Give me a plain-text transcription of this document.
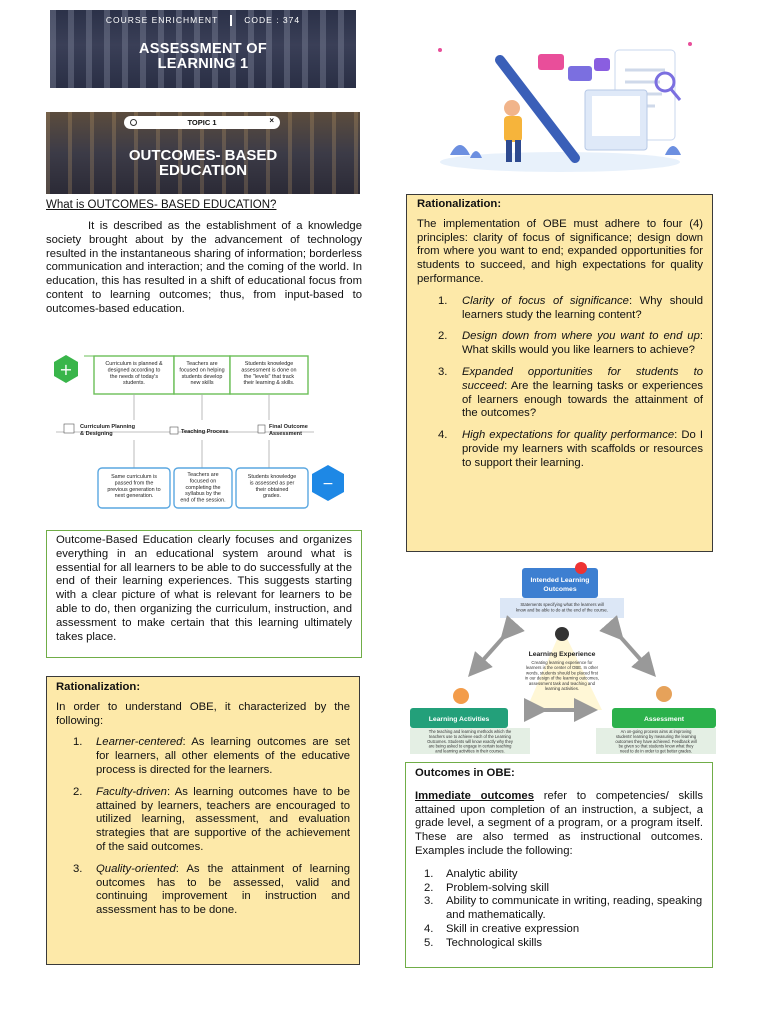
COURSE ENRICHMENT	CODE : 374
ASSESSMENT OF
LEARNING 1
TOPIC 1	×
OUTCOMES- BASED
EDUCATION
What is OUTCOMES- BASED EDUCATION?

It is described as the establishment of a knowledge society brought about by the advancement of technology resulted in the instantaneous sharing of information; borderless communication and interaction; and the coming of the world. In education, this has resulted in a shift of educational focus from content to learning outcomes; thus, from input-based to outcomes-based education.

Curriculum is planned & designed according to the needs of today's students.
Teachers are focused on helping students develop new skills
Students knowledge assessment is done on the "levels" that track their learning & skills.
+
Curriculum Planning
& Designing	Teaching Process
Final Outcome
Assessment
Same curriculum is passed from the previous generation to next generation.
Teachers are focused on completing the syllabus by the end of the session.
Students knowledge is assessed as per their obtained grades.
−
Outcome-Based Education clearly focuses and organizes everything in an educational system around what is essential for all learners to be able to do successfully at the end of their learning experiences. This suggests starting with a clear picture of what is relevant for learners to be able to do, then organizing the curriculum, instruction, and assessment to make certain that this learning ultimately takes place.
Rationalization:

In order to understand OBE, it characterized by the following:

1. Learner-centered: As learning outcomes are set for learners, all other elements of the educative process is directed for the learners.
2. Faculty-driven: As learning outcomes have to be attained by learners, teachers are encouraged to utilized learning, assessment, and evaluation strategies that are supportive of the achievement of the said outcomes.
3. Quality-oriented: As the attainment of learning outcomes has to be assessed, valid and continuing improvement in instruction and assessment has to be done.
Rationalization:

The implementation of OBE must adhere to four (4) principles: clarity of focus of significance; design down from where you want to end; expanded opportunities for students to succeed, and high expectations for quality performance.

1. Clarity of focus of significance: Why should learners study the learning content?
2. Design down from where you want to end up: What skills would you like learners to achieve?
3. Expanded opportunities for students to succeed: Are the learning tasks or experiences of learners enough towards the attainment of the outcomes?
4. High expectations for quality performance: Do I provide my learners with scaffolds or resources to support their learning.
Intended Learning
Outcomes
Statements specifying what the learners will know and be able to do at the end of the course.
Learning Experience
Creating learning experience for learners is the center of OBE. In other words, students should be placed first in our design of the learning outcomes, assessment task and teaching and learning activities.
Learning Activities
The teaching and learning methods which the teachers use to achieve each of the Learning Outcomes. Students will know exactly why they are being asked to engage in certain teaching and learning activities in their courses.
Assessment
An on-going process aims at improving students' learning by measuring the learning outcomes they have achieved. Feedback will be given so that students know what they need to do in order to get better grades.
Outcomes in OBE:

Immediate outcomes refer to competencies/ skills attained upon completion of an instruction, a subject, a grade level, a segment of a program, or a program itself. These are also termed as instructional outcomes. Examples include the following:

1. Analytic ability
2. Problem-solving skill
3. Ability to communicate in writing, reading, speaking and mathematically.
4. Skill in creative expression
5. Technological skills
